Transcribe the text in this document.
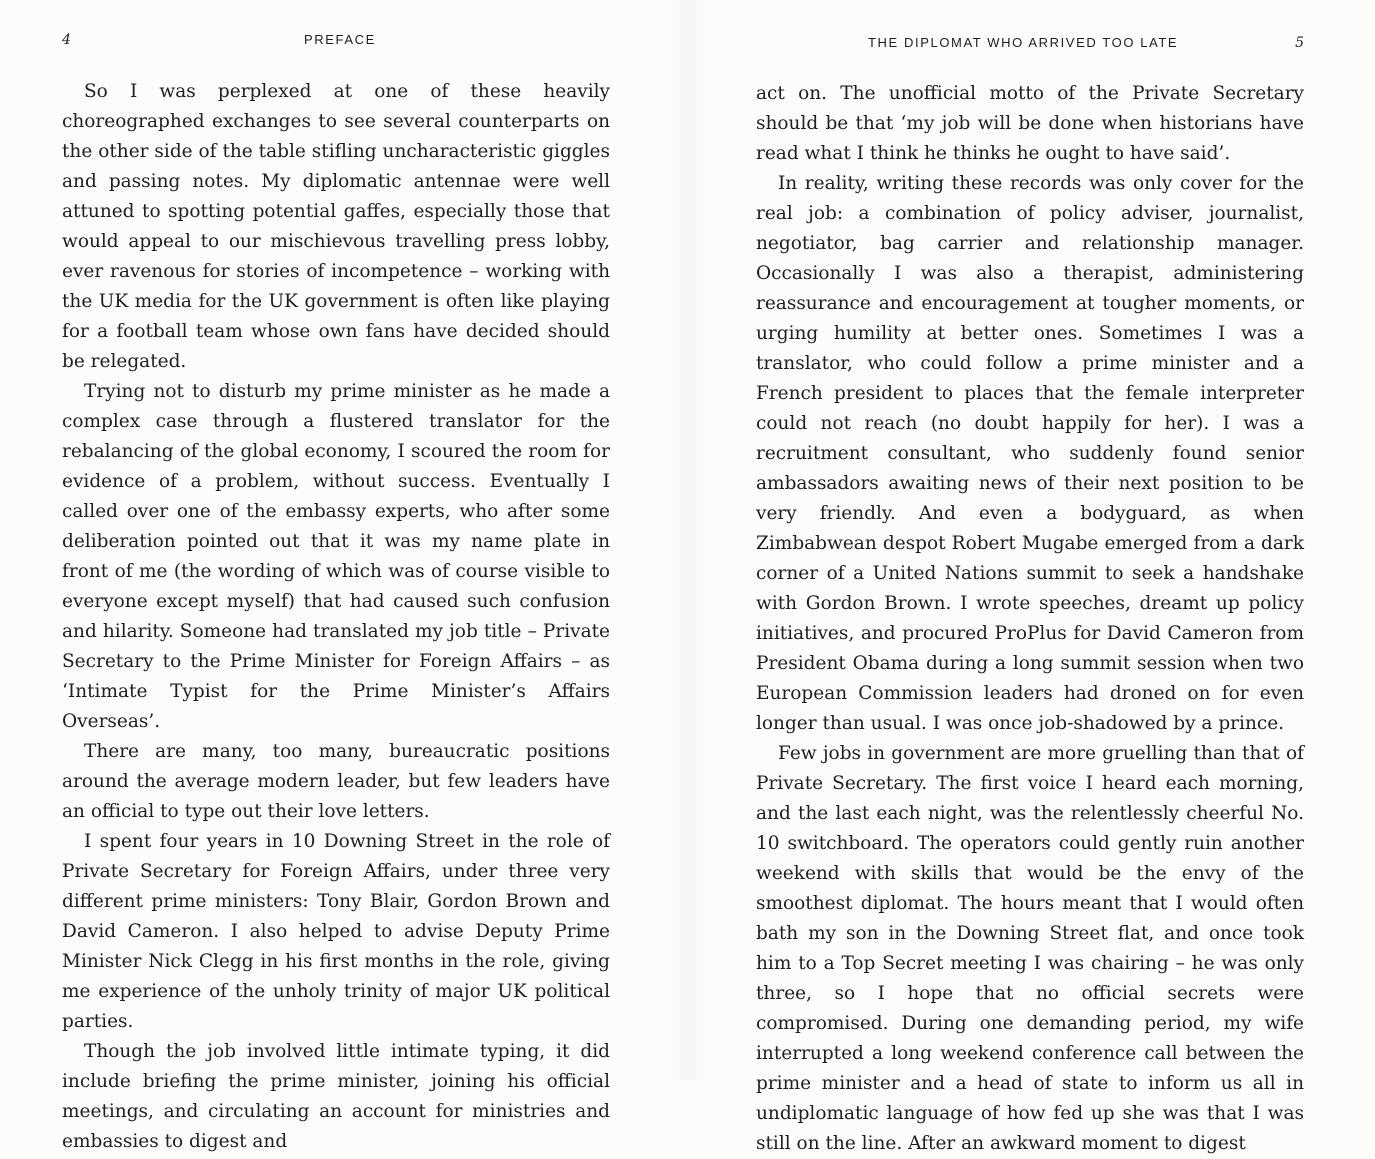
4	PREFACE

So I was perplexed at one of these heavily choreographed exchanges to see several counterparts on the other side of the table stifling uncharacteristic giggles and passing notes. My diplomatic antennae were well attuned to spotting potential gaffes, especially those that would appeal to our mischievous travelling press lobby, ever ravenous for stories of incompetence – working with the UK media for the UK government is often like playing for a football team whose own fans have decided should be relegated.

Trying not to disturb my prime minister as he made a complex case through a flustered translator for the rebalancing of the global economy, I scoured the room for evidence of a problem, without success. Eventually I called over one of the embassy experts, who after some deliberation pointed out that it was my name plate in front of me (the wording of which was of course visible to everyone except myself) that had caused such confusion and hilarity. Someone had translated my job title – Private Secretary to the Prime Minister for Foreign Affairs – as ‘Intimate Typist for the Prime Minister’s Affairs Overseas’.

There are many, too many, bureaucratic positions around the average modern leader, but few leaders have an official to type out their love letters.

I spent four years in 10 Downing Street in the role of Private Secretary for Foreign Affairs, under three very different prime ministers: Tony Blair, Gordon Brown and David Cameron. I also helped to advise Deputy Prime Minister Nick Clegg in his first months in the role, giving me experience of the unholy trinity of major UK political parties.

Though the job involved little intimate typing, it did include briefing the prime minister, joining his official meetings, and circulating an account for ministries and embassies to digest and

THE DIPLOMAT WHO ARRIVED TOO LATE	5

act on. The unofficial motto of the Private Secretary should be that ‘my job will be done when historians have read what I think he thinks he ought to have said’.

In reality, writing these records was only cover for the real job: a combination of policy adviser, journalist, negotiator, bag carrier and relationship manager. Occasionally I was also a therapist, administering reassurance and encouragement at tougher moments, or urging humility at better ones. Sometimes I was a translator, who could follow a prime minister and a French president to places that the female interpreter could not reach (no doubt happily for her). I was a recruitment consultant, who suddenly found senior ambassadors awaiting news of their next position to be very friendly. And even a bodyguard, as when Zimbabwean despot Robert Mugabe emerged from a dark corner of a United Nations summit to seek a handshake with Gordon Brown. I wrote speeches, dreamt up policy initiatives, and procured ProPlus for David Cameron from President Obama during a long summit session when two European Commission leaders had droned on for even longer than usual. I was once job-shadowed by a prince.

Few jobs in government are more gruelling than that of Private Secretary. The first voice I heard each morning, and the last each night, was the relentlessly cheerful No. 10 switchboard. The operators could gently ruin another weekend with skills that would be the envy of the smoothest diplomat. The hours meant that I would often bath my son in the Downing Street flat, and once took him to a Top Secret meeting I was chairing – he was only three, so I hope that no official secrets were compromised. During one demanding period, my wife interrupted a long weekend conference call between the prime minister and a head of state to inform us all in undiplomatic language of how fed up she was that I was still on the line. After an awkward moment to digest
